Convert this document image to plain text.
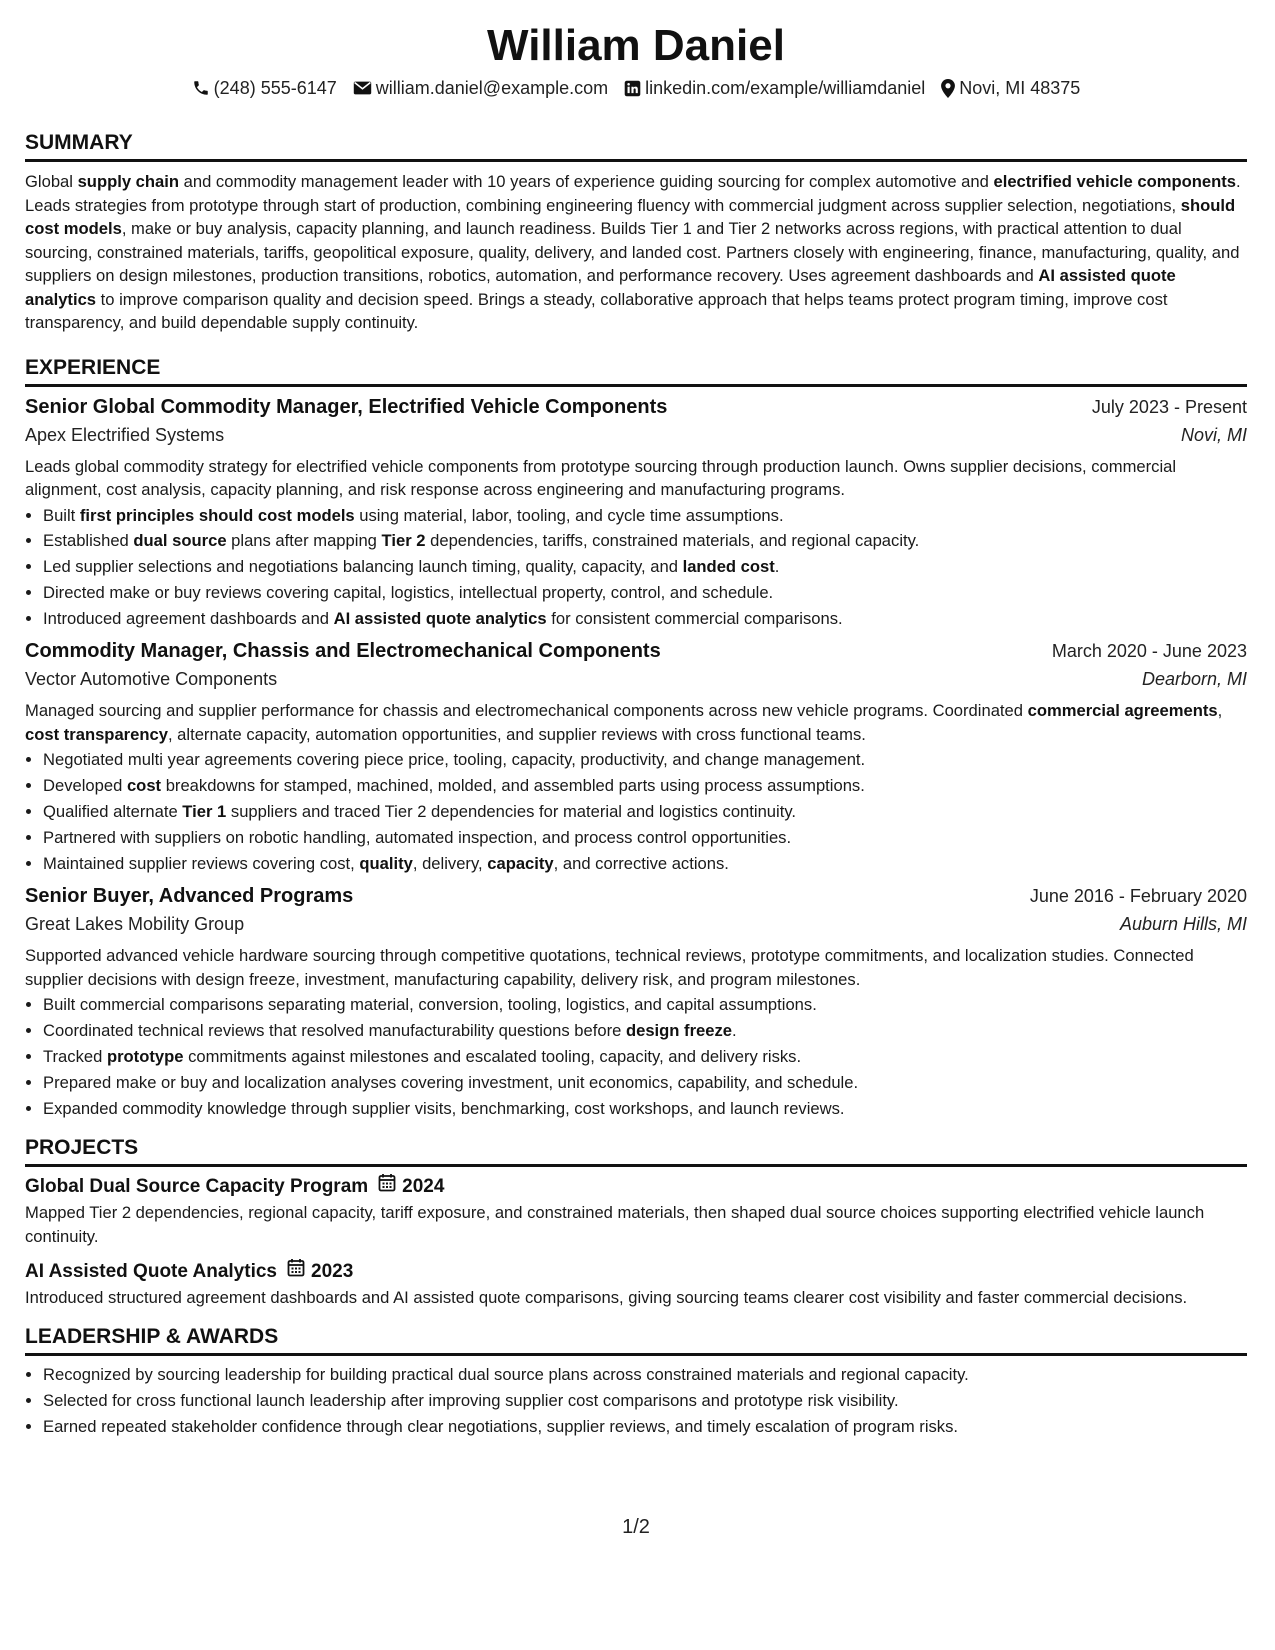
William Daniel
(248) 555-6147 william.daniel@example.com linkedin.com/example/williamdaniel Novi, MI 48375
SUMMARY
Global supply chain and commodity management leader with 10 years of experience guiding sourcing for complex automotive and electrified vehicle components. Leads strategies from prototype through start of production, combining engineering fluency with commercial judgment across supplier selection, negotiations, should cost models, make or buy analysis, capacity planning, and launch readiness. Builds Tier 1 and Tier 2 networks across regions, with practical attention to dual sourcing, constrained materials, tariffs, geopolitical exposure, quality, delivery, and landed cost. Partners closely with engineering, finance, manufacturing, quality, and suppliers on design milestones, production transitions, robotics, automation, and performance recovery. Uses agreement dashboards and AI assisted quote analytics to improve comparison quality and decision speed. Brings a steady, collaborative approach that helps teams protect program timing, improve cost transparency, and build dependable supply continuity.
EXPERIENCE
Senior Global Commodity Manager, Electrified Vehicle Components	July 2023 - Present
Apex Electrified Systems	Novi, MI
Leads global commodity strategy for electrified vehicle components from prototype sourcing through production launch. Owns supplier decisions, commercial alignment, cost analysis, capacity planning, and risk response across engineering and manufacturing programs.
• Built first principles should cost models using material, labor, tooling, and cycle time assumptions.
• Established dual source plans after mapping Tier 2 dependencies, tariffs, constrained materials, and regional capacity.
• Led supplier selections and negotiations balancing launch timing, quality, capacity, and landed cost.
• Directed make or buy reviews covering capital, logistics, intellectual property, control, and schedule.
• Introduced agreement dashboards and AI assisted quote analytics for consistent commercial comparisons.
Commodity Manager, Chassis and Electromechanical Components	March 2020 - June 2023
Vector Automotive Components	Dearborn, MI
Managed sourcing and supplier performance for chassis and electromechanical components across new vehicle programs. Coordinated commercial agreements, cost transparency, alternate capacity, automation opportunities, and supplier reviews with cross functional teams.
• Negotiated multi year agreements covering piece price, tooling, capacity, productivity, and change management.
• Developed cost breakdowns for stamped, machined, molded, and assembled parts using process assumptions.
• Qualified alternate Tier 1 suppliers and traced Tier 2 dependencies for material and logistics continuity.
• Partnered with suppliers on robotic handling, automated inspection, and process control opportunities.
• Maintained supplier reviews covering cost, quality, delivery, capacity, and corrective actions.
Senior Buyer, Advanced Programs	June 2016 - February 2020
Great Lakes Mobility Group	Auburn Hills, MI
Supported advanced vehicle hardware sourcing through competitive quotations, technical reviews, prototype commitments, and localization studies. Connected supplier decisions with design freeze, investment, manufacturing capability, delivery risk, and program milestones.
• Built commercial comparisons separating material, conversion, tooling, logistics, and capital assumptions.
• Coordinated technical reviews that resolved manufacturability questions before design freeze.
• Tracked prototype commitments against milestones and escalated tooling, capacity, and delivery risks.
• Prepared make or buy and localization analyses covering investment, unit economics, capability, and schedule.
• Expanded commodity knowledge through supplier visits, benchmarking, cost workshops, and launch reviews.
PROJECTS
Global Dual Source Capacity Program 2024
Mapped Tier 2 dependencies, regional capacity, tariff exposure, and constrained materials, then shaped dual source choices supporting electrified vehicle launch continuity.
AI Assisted Quote Analytics 2023
Introduced structured agreement dashboards and AI assisted quote comparisons, giving sourcing teams clearer cost visibility and faster commercial decisions.
LEADERSHIP & AWARDS
• Recognized by sourcing leadership for building practical dual source plans across constrained materials and regional capacity.
• Selected for cross functional launch leadership after improving supplier cost comparisons and prototype risk visibility.
• Earned repeated stakeholder confidence through clear negotiations, supplier reviews, and timely escalation of program risks.
1/2
